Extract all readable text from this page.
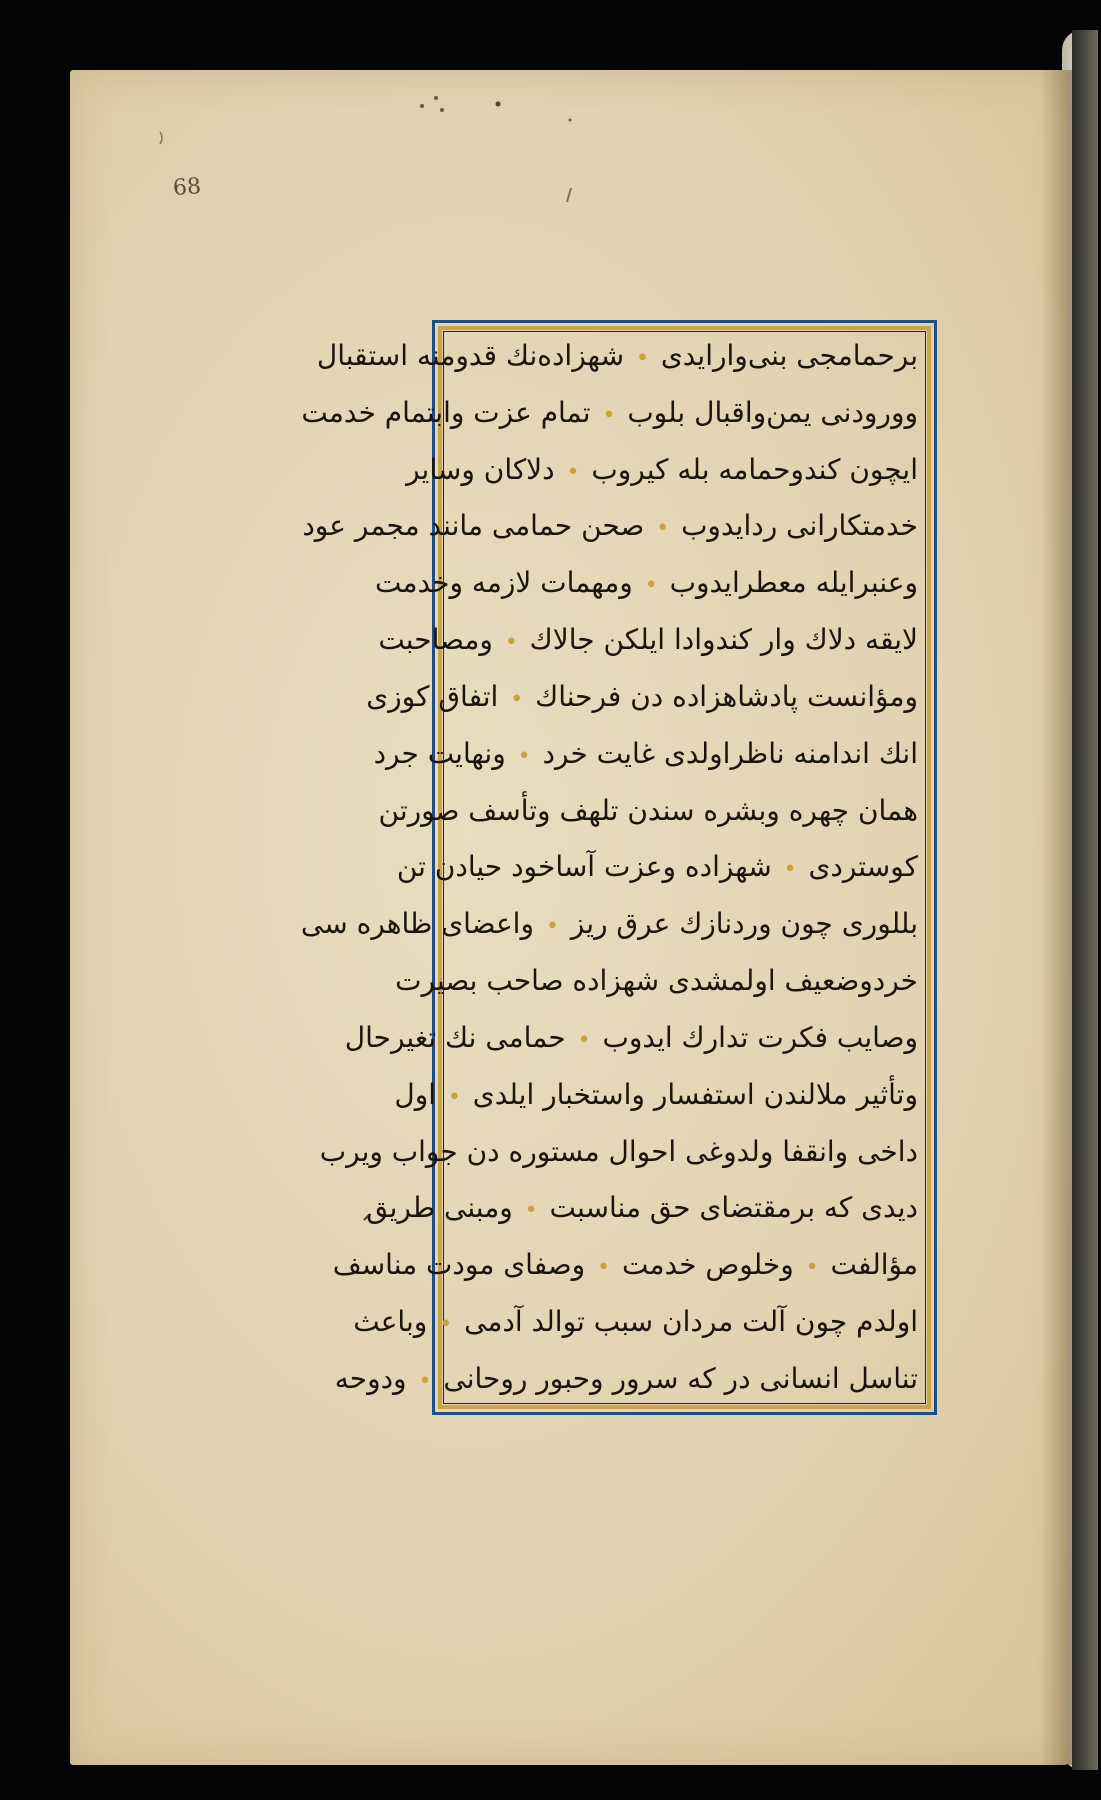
68
برحمامجی بنی‌وارایدی • شهزاده‌نك قدومنه استقبال
وورودنی یمن‌واقبال بلوب • تمام عزت وابتمام خدمت
ایچون کندوحمامه بله کیروب • دلاکان وسایر
خدمتکارانی ردایدوب • صحن حمامی مانند مجمر عود
وعنبرایله معطرایدوب • ومهمات لازمه وخدمت
لایقه دلاك وار کندوادا ایلکن جالاك • ومصاحبت
ومؤانست پادشاهزاده دن فرحناك • اتفاق کوزی
انك اندامنه ناظراولدی غایت خرد • ونهایت جرد
همان چهره وبشره سندن تلهف وتأسف صورتن
کوستردی • شهزاده وعزت آساخود حیادن تن
بللوری چون وردنازك عرق ریز • واعضای ظاهره سی
خردوضعیف اولمشدی شهزاده صاحب بصیرت
وصایب فکرت تدارك ایدوب • حمامی نك تغیرحال
وتأثیر ملالندن استفسار واستخبار ایلدی • اول
داخی وانقفا ولدوغی احوال مستوره دن جواب ویرب
دیدی که برمقتضای حق مناسبت • ومبنی طریق
مؤالفت • وخلوص خدمت • وصفای مودت مناسف
اولدم چون آلت مردان سبب توالد آدمی • وباعث
تناسل انسانی در که سرور وحبور روحانی • ودوحه
